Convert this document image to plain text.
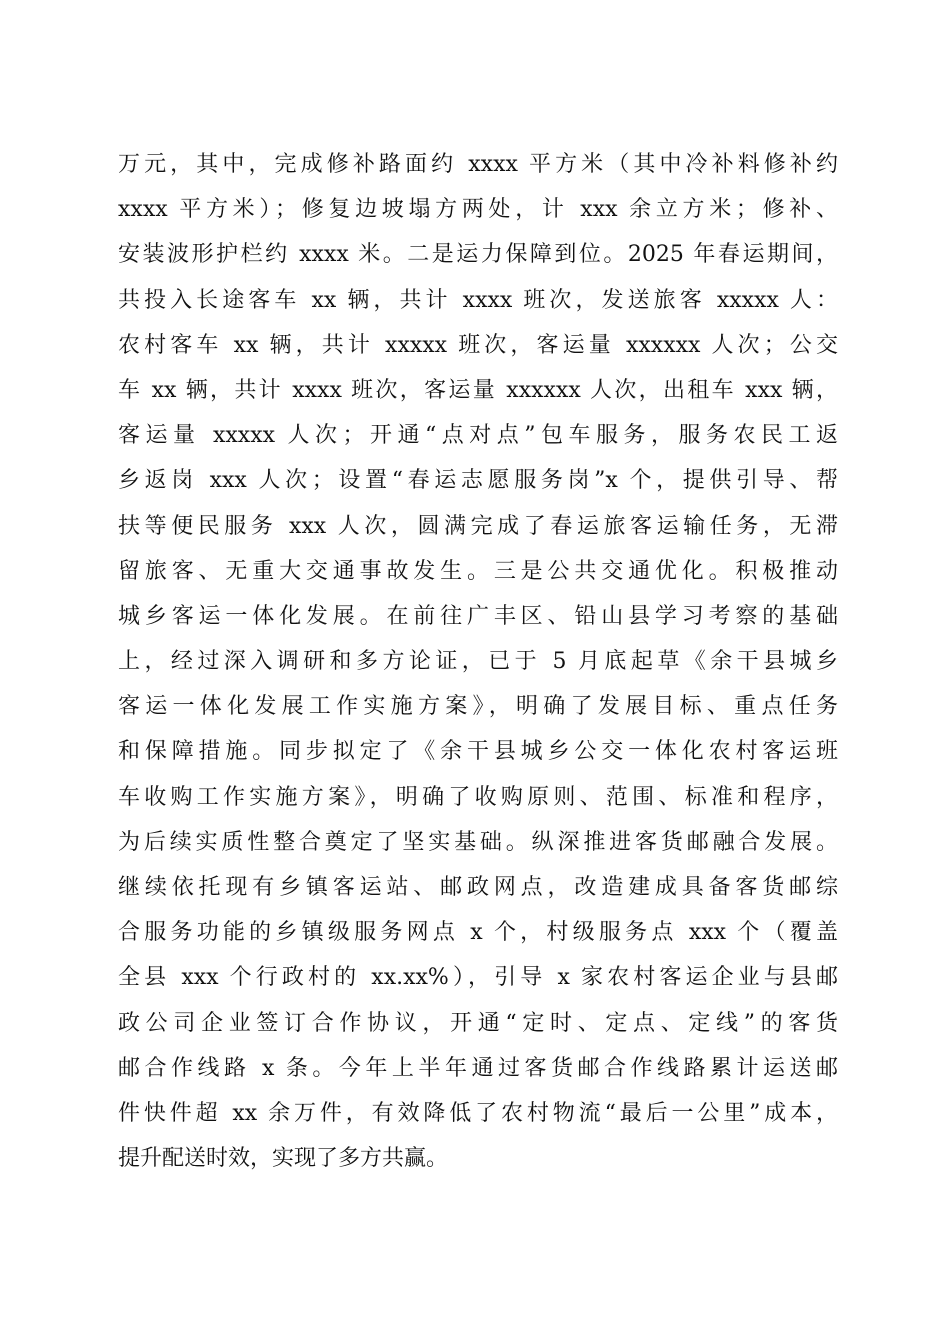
万元，其中，完成修补路面约 xxxx 平方米（其中冷补料修补约
xxxx 平方米）；修复边坡塌方两处，计 xxx 余立方米；修补、
安装波形护栏约 xxxx 米。二是运力保障到位。2025 年春运期间，
共投入长途客车 xx 辆，共计 xxxx 班次，发送旅客 xxxxx 人：
农村客车 xx 辆，共计 xxxxx 班次，客运量 xxxxxx 人次；公交
车 xx 辆，共计 xxxx 班次，客运量 xxxxxx 人次，出租车 xxx 辆，
客运量 xxxxx 人次；开通“点对点”包车服务，服务农民工返
乡返岗 xxx 人次；设置“春运志愿服务岗”x 个，提供引导、帮
扶等便民服务 xxx 人次，圆满完成了春运旅客运输任务，无滞
留旅客、无重大交通事故发生。三是公共交通优化。积极推动
城乡客运一体化发展。在前往广丰区、铅山县学习考察的基础
上，经过深入调研和多方论证，已于 5 月底起草《余干县城乡
客运一体化发展工作实施方案》，明确了发展目标、重点任务
和保障措施。同步拟定了《余干县城乡公交一体化农村客运班
车收购工作实施方案》，明确了收购原则、范围、标准和程序，
为后续实质性整合奠定了坚实基础。纵深推进客货邮融合发展。
继续依托现有乡镇客运站、邮政网点，改造建成具备客货邮综
合服务功能的乡镇级服务网点 x 个，村级服务点 xxx 个（覆盖
全县 xxx 个行政村的 xx.xx%），引导 x 家农村客运企业与县邮
政公司企业签订合作协议，开通“定时、定点、定线”的客货
邮合作线路 x 条。今年上半年通过客货邮合作线路累计运送邮
件快件超 xx 余万件，有效降低了农村物流“最后一公里”成本，
提升配送时效，实现了多方共赢。
